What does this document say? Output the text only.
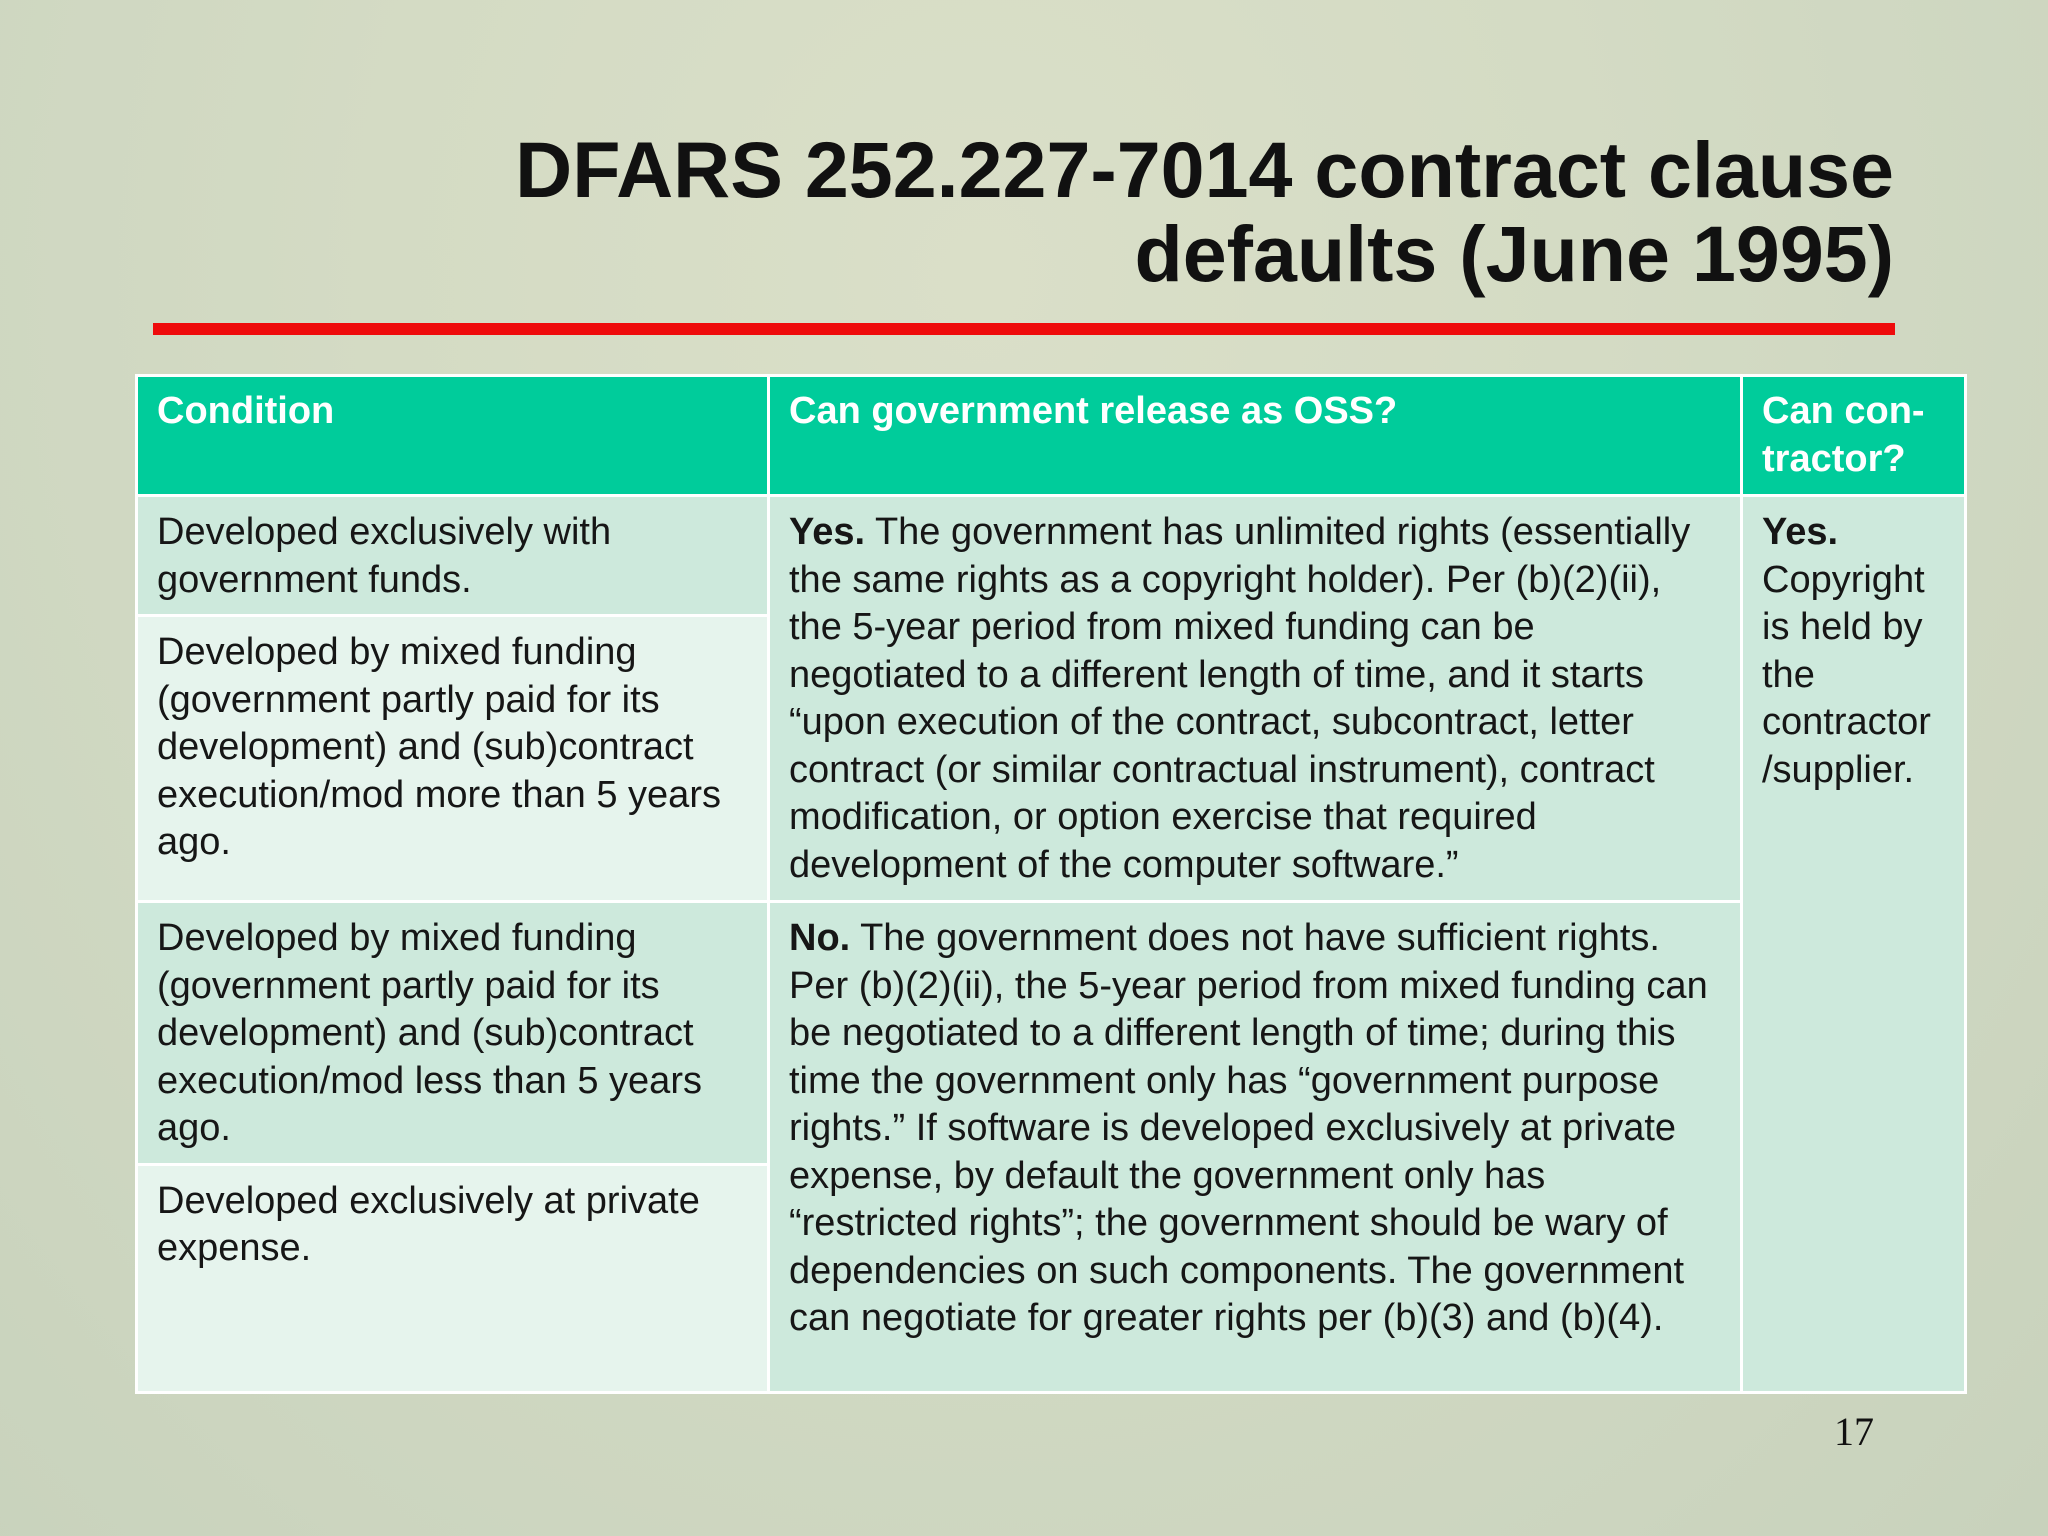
DFARS 252.227-7014 contract clause
defaults (June 1995)
Condition	Can government release as OSS?	Can con-tractor?
Developed exclusively with government funds.	Yes. The government has unlimited rights (essentially the same rights as a copyright holder). Per (b)(2)(ii), the 5-year period from mixed funding can be negotiated to a different length of time, and it starts “upon execution of the contract, subcontract, letter contract (or similar contractual instrument), contract modification, or option exercise that required development of the computer software.”	Yes. Copyright is held by the contractor /supplier.
Developed by mixed funding (government partly paid for its development) and (sub)contract execution/mod more than 5 years ago.		
Developed by mixed funding (government partly paid for its development) and (sub)contract execution/mod less than 5 years ago.	No. The government does not have sufficient rights. Per (b)(2)(ii), the 5-year period from mixed funding can be negotiated to a different length of time; during this time the government only has “government purpose rights.” If software is developed exclusively at private expense, by default the government only has “restricted rights”; the government should be wary of dependencies on such components. The government can negotiate for greater rights per (b)(3) and (b)(4).	
Developed exclusively at private expense.		
17
